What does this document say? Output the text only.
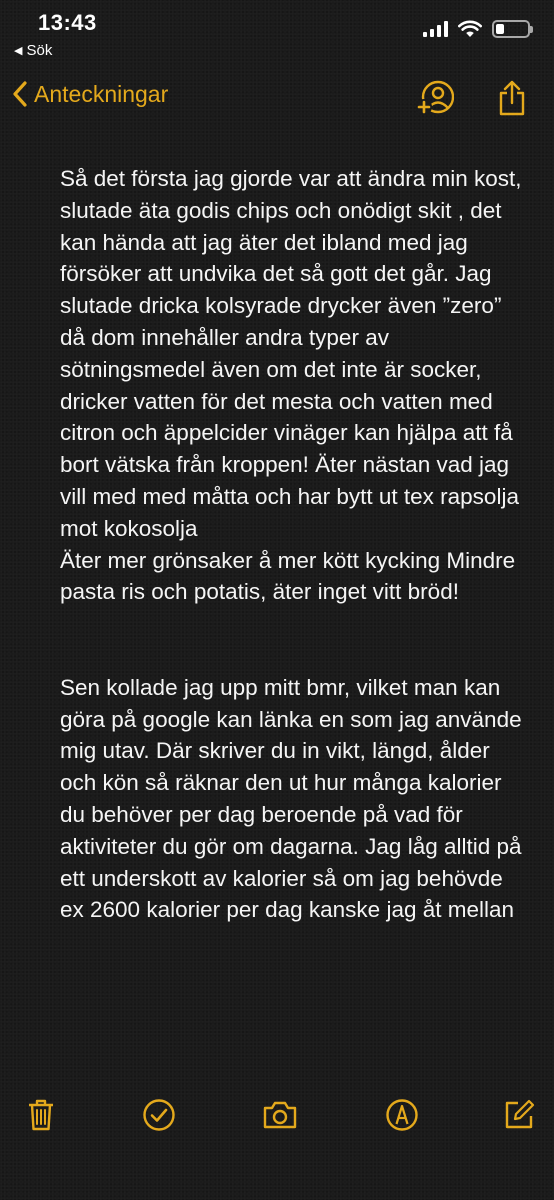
13:43
◀ Sök
Anteckningar

Så det första jag gjorde var att ändra min kost, slutade äta godis chips och onödigt skit , det kan hända att jag äter det ibland med jag försöker att undvika det så gott det går. Jag slutade dricka kolsyrade drycker även ”zero” då dom innehåller andra typer av sötningsmedel även om det inte är socker, dricker vatten för det mesta och vatten med citron och äppelcider vinäger kan hjälpa att få bort vätska från kroppen! Äter nästan vad jag vill med med måtta och har bytt ut tex rapsolja mot kokosolja
Äter mer grönsaker å mer kött kycking Mindre pasta ris och potatis, äter inget vitt bröd!

Sen kollade jag upp mitt bmr, vilket man kan göra på google kan länka en som jag använde mig utav. Där skriver du in vikt, längd, ålder och kön så räknar den ut hur många kalorier du behöver per dag beroende på vad för aktiviteter du gör om dagarna. Jag låg alltid på ett underskott av kalorier så om jag behövde ex 2600 kalorier per dag kanske jag åt mellan
